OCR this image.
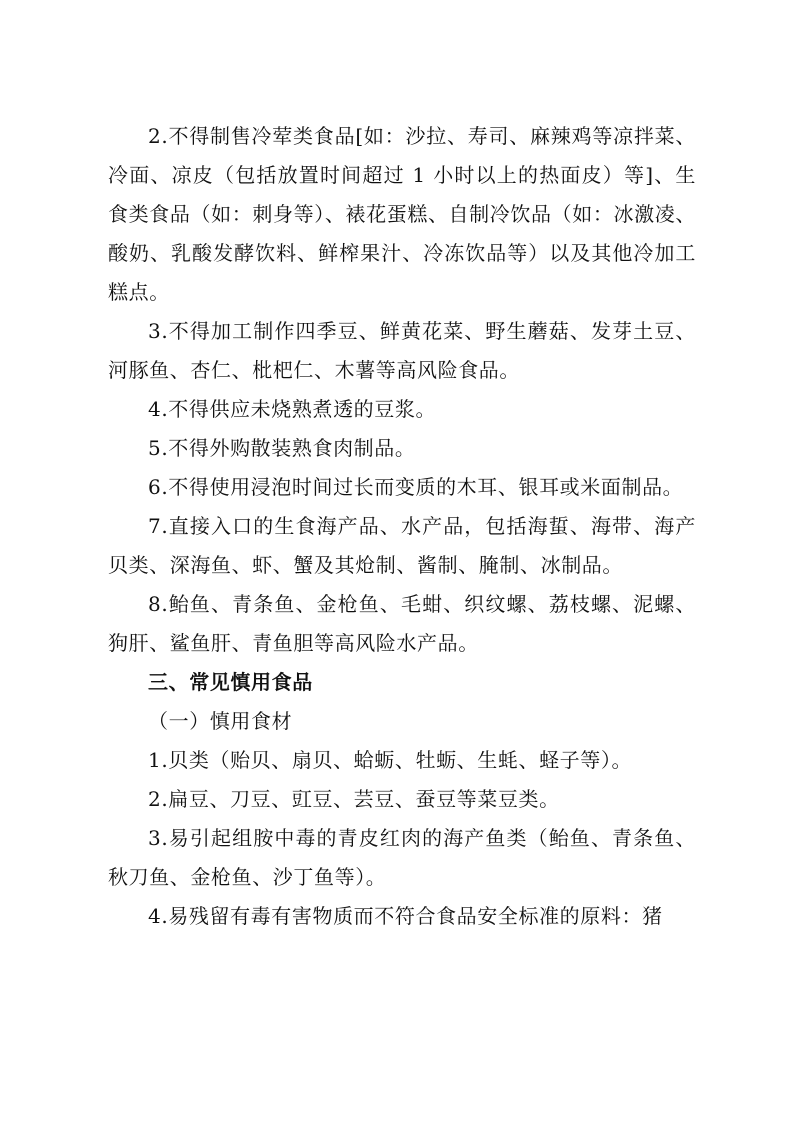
2.不得制售冷荤类食品[如：沙拉、寿司、麻辣鸡等凉拌菜、冷面、凉皮（包括放置时间超过 1 小时以上的热面皮）等]、生食类食品（如：刺身等）、裱花蛋糕、自制冷饮品（如：冰激凌、酸奶、乳酸发酵饮料、鲜榨果汁、冷冻饮品等）以及其他冷加工糕点。

3.不得加工制作四季豆、鲜黄花菜、野生蘑菇、发芽土豆、河豚鱼、杏仁、枇杷仁、木薯等高风险食品。

4.不得供应未烧熟煮透的豆浆。

5.不得外购散装熟食肉制品。

6.不得使用浸泡时间过长而变质的木耳、银耳或米面制品。

7.直接入口的生食海产品、水产品，包括海蜇、海带、海产贝类、深海鱼、虾、蟹及其炝制、酱制、腌制、冰制品。

8.鲐鱼、青条鱼、金枪鱼、毛蚶、织纹螺、荔枝螺、泥螺、狗肝、鲨鱼肝、青鱼胆等高风险水产品。

三、常见慎用食品

（一）慎用食材

1.贝类（贻贝、扇贝、蛤蛎、牡蛎、生蚝、蛏子等）。

2.扁豆、刀豆、豇豆、芸豆、蚕豆等菜豆类。

3.易引起组胺中毒的青皮红肉的海产鱼类（鲐鱼、青条鱼、秋刀鱼、金枪鱼、沙丁鱼等）。

4.易残留有毒有害物质而不符合食品安全标准的原料：猪
